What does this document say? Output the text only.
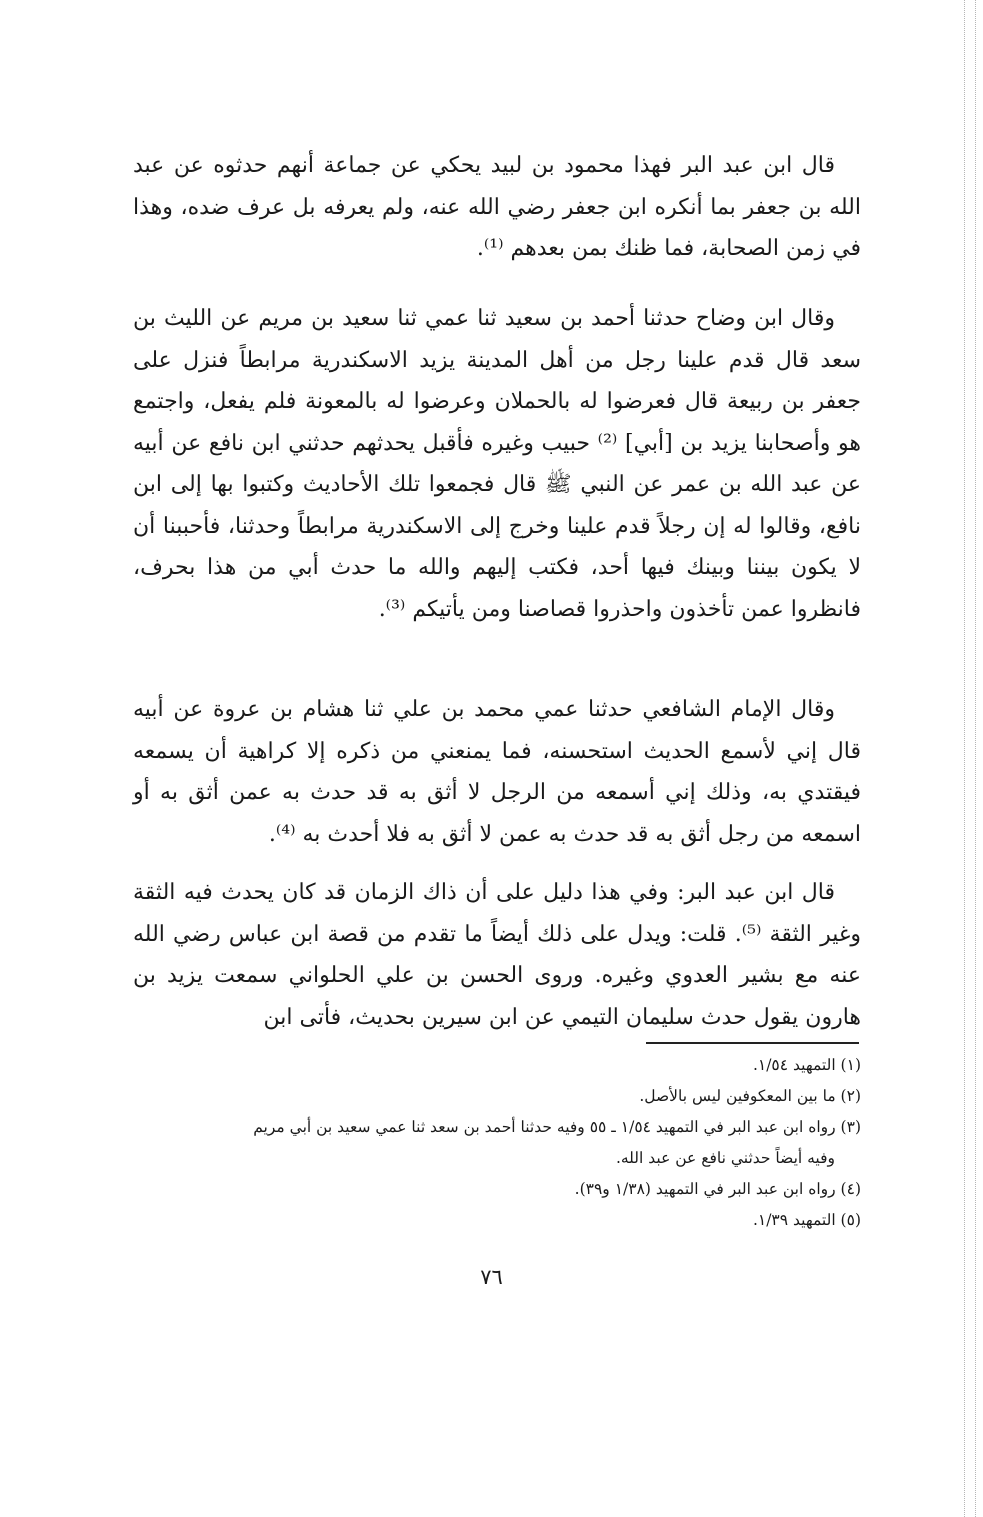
قال ابن عبد البر فهذا محمود بن لبيد يحكي عن جماعة أنهم حدثوه عن عبد الله بن جعفر بما أنكره ابن جعفر رضي الله عنه، ولم يعرفه بل عرف ضده، وهذا في زمن الصحابة، فما ظنك بمن بعدهم ⁽¹⁾.

وقال ابن وضاح حدثنا أحمد بن سعيد ثنا عمي ثنا سعيد بن مريم عن الليث بن سعد قال قدم علينا رجل من أهل المدينة يزيد الاسكندرية مرابطاً فنزل على جعفر بن ربيعة قال فعرضوا له بالحملان وعرضوا له بالمعونة فلم يفعل، واجتمع هو وأصحابنا يزيد بن [أبي] ⁽²⁾ حبيب وغيره فأقبل يحدثهم حدثني ابن نافع عن أبيه عن عبد الله بن عمر عن النبي ﷺ قال فجمعوا تلك الأحاديث وكتبوا بها إلى ابن نافع، وقالوا له إن رجلاً قدم علينا وخرج إلى الاسكندرية مرابطاً وحدثنا، فأحببنا أن لا يكون بيننا وبينك فيها أحد، فكتب إليهم والله ما حدث أبي من هذا بحرف، فانظروا عمن تأخذون واحذروا قصاصنا ومن يأتيكم ⁽³⁾.

وقال الإمام الشافعي حدثنا عمي محمد بن علي ثنا هشام بن عروة عن أبيه قال إني لأسمع الحديث استحسنه، فما يمنعني من ذكره إلا كراهية أن يسمعه فيقتدي به، وذلك إني أسمعه من الرجل لا أثق به قد حدث به عمن أثق به أو اسمعه من رجل أثق به قد حدث به عمن لا أثق به فلا أحدث به ⁽⁴⁾.

قال ابن عبد البر: وفي هذا دليل على أن ذاك الزمان قد كان يحدث فيه الثقة وغير الثقة ⁽⁵⁾. قلت: ويدل على ذلك أيضاً ما تقدم من قصة ابن عباس رضي الله عنه مع بشير العدوي وغيره. وروى الحسن بن علي الحلواني سمعت يزيد بن هارون يقول حدث سليمان التيمي عن ابن سيرين بحديث، فأتى ابن

(١) التمهيد ١/٥٤.

(٢) ما بين المعكوفين ليس بالأصل.

(٣) رواه ابن عبد البر في التمهيد ١/٥٤ ـ ٥٥ وفيه حدثنا أحمد بن سعد ثنا عمي سعيد بن أبي مريم
وفيه أيضاً حدثني نافع عن عبد الله.

(٤) رواه ابن عبد البر في التمهيد (١/٣٨ و٣٩).

(٥) التمهيد ١/٣٩.

٧٦
